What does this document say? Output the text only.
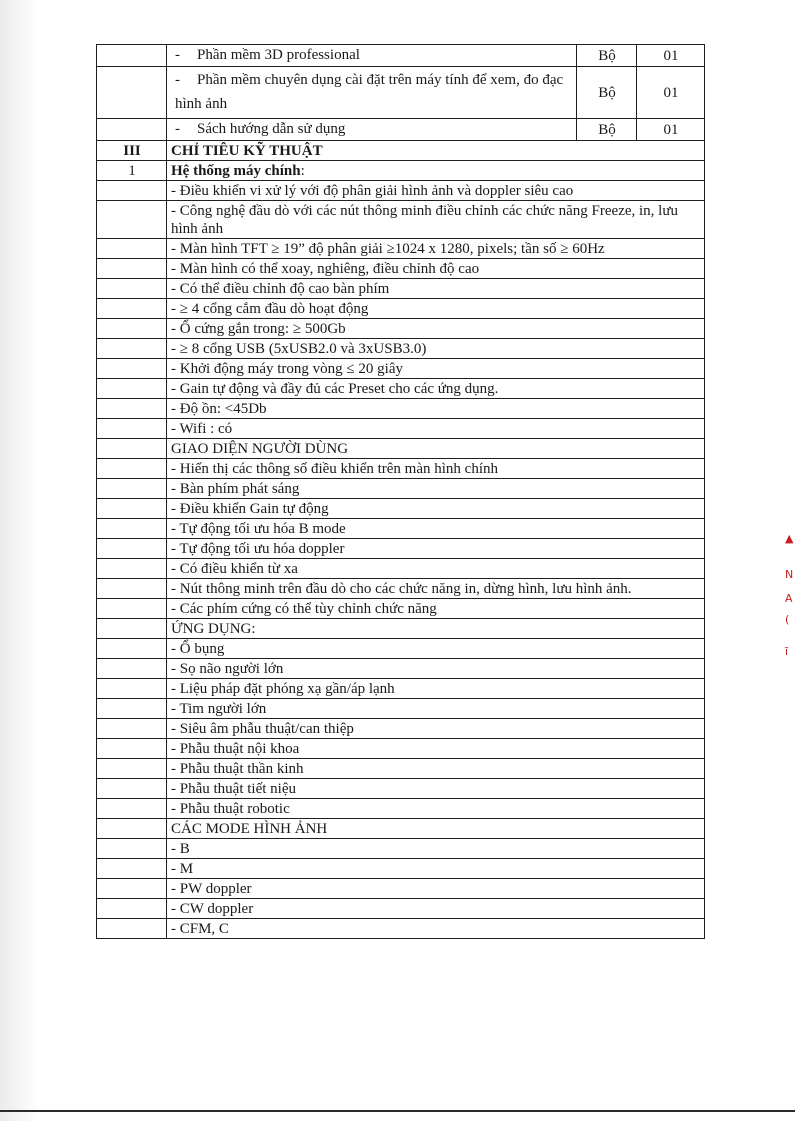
	- Phần mềm 3D professional	Bộ	01
	- Phần mềm chuyên dụng cài đặt trên máy tính để xem, đo đạc hình ảnh	Bộ	01
	- Sách hướng dẫn sử dụng	Bộ	01
III	CHỈ TIÊU KỸ THUẬT		
1	Hệ thống máy chính:		
	- Điều khiển vi xử lý với độ phân giải hình ảnh và doppler siêu cao		
	- Công nghệ đầu dò với các nút thông minh điều chỉnh các chức năng Freeze, in, lưu hình ảnh		
	- Màn hình TFT ≥ 19” độ phân giải ≥1024 x 1280, pixels; tần số ≥ 60Hz		
	- Màn hình có thể xoay, nghiêng, điều chỉnh độ cao		
	- Có thể điều chỉnh độ cao bàn phím		
	- ≥ 4 cổng cắm đầu dò hoạt động		
	- Ổ cứng gắn trong: ≥ 500Gb		
	- ≥ 8 cổng USB (5xUSB2.0 và 3xUSB3.0)		
	- Khởi động máy trong vòng ≤ 20 giây		
	- Gain tự động và đầy đủ các Preset cho các ứng dụng.		
	- Độ ồn: <45Db		
	- Wifi : có		
	GIAO DIỆN NGƯỜI DÙNG		
	- Hiển thị các thông số điều khiển trên màn hình chính		
	- Bàn phím phát sáng		
	- Điều khiển Gain tự động		
	- Tự động tối ưu hóa B mode		
	- Tự động tối ưu hóa doppler		
	- Có điều khiển từ xa		
	- Nút thông minh trên đầu dò cho các chức năng in, dừng hình, lưu hình ảnh.		
	- Các phím cứng có thể tùy chỉnh chức năng		
	ỨNG DỤNG:		
	- Ổ bụng		
	- Sọ não người lớn		
	- Liệu pháp đặt phóng xạ gần/áp lạnh		
	- Tim người lớn		
	- Siêu âm phẫu thuật/can thiệp		
	- Phẫu thuật nội khoa		
	- Phẫu thuật thần kinh		
	- Phẫu thuật tiết niệu		
	- Phẫu thuật robotic		
	CÁC MODE HÌNH ẢNH		
	- B		
	- M		
	- PW doppler		
	- CW doppler		
	- CFM, C		
▲
N
A
(
ĩ
